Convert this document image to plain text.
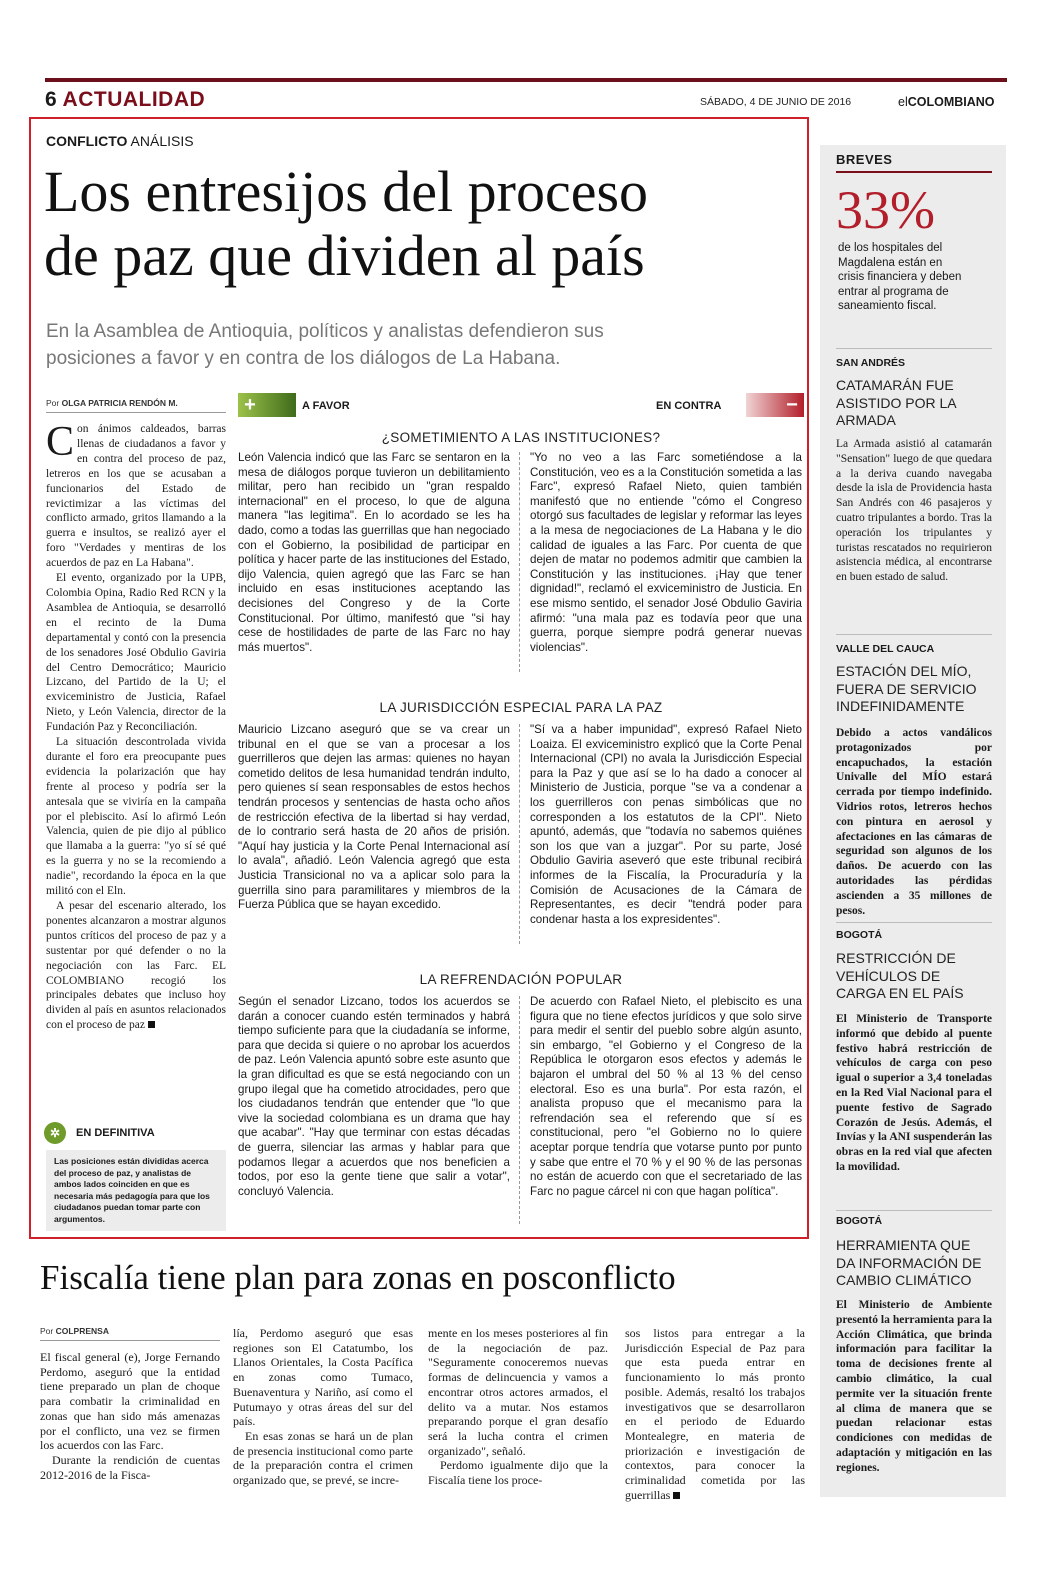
6 ACTUALIDAD	SÁBADO, 4 DE JUNIO DE 2016	elCOLOMBIANO
CONFLICTO ANÁLISIS
Los entresijos del proceso
de paz que dividen al país
En la Asamblea de Antioquia, políticos y analistas defendieron sus
posiciones a favor y en contra de los diálogos de La Habana.
Por OLGA PATRICIA RENDÓN M.

Con ánimos caldeados, barras llenas de ciudadanos a favor y en contra del proceso de paz, letreros en los que se acusaban a funcionarios del Estado de revictimizar a las víctimas del conflicto armado, gritos llamando a la guerra e insultos, se realizó ayer el foro "Verdades y mentiras de los acuerdos de paz en La Habana".

El evento, organizado por la UPB, Colombia Opina, Radio Red RCN y la Asamblea de Antioquia, se desarrolló en el recinto de la Duma departamental y contó con la presencia de los senadores José Obdulio Gaviria del Centro Democrático; Mauricio Lizcano, del Partido de la U; el exviceministro de Justicia, Rafael Nieto, y León Valencia, director de la Fundación Paz y Reconciliación.

La situación descontrolada vivida durante el foro era preocupante pues evidencia la polarización que hay frente al proceso y podría ser la antesala que se viviría en la campaña por el plebiscito. Así lo afirmó León Valencia, quien de pie dijo al público que llamaba a la guerra: "yo sí sé qué es la guerra y no se la recomiendo a nadie", recordando la época en la que militó con el Eln.

A pesar del escenario alterado, los ponentes alcanzaron a mostrar algunos puntos críticos del proceso de paz y a sustentar por qué defender o no la negociación con las Farc. EL COLOMBIANO recogió los principales debates que incluso hoy dividen al país en asuntos relacionados con el proceso de paz

✲	EN DEFINITIVA
Las posiciones están divididas acerca del proceso de paz, y analistas de ambos lados coinciden en que es necesaria más pedagogía para que los ciudadanos puedan tomar parte con argumentos.
+	A FAVOR	EN CONTRA	−
¿SOMETIMIENTO A LAS INSTITUCIONES?

León Valencia indicó que las Farc se sentaron en la mesa de diálogos porque tuvieron un debilitamiento militar, pero han recibido un "gran respaldo internacional" en el proceso, lo que de alguna manera "las legitima". En lo acordado se les ha dado, como a todas las guerrillas que han negociado con el Gobierno, la posibilidad de participar en política y hacer parte de las instituciones del Estado, dijo Valencia, quien agregó que las Farc se han incluido en esas instituciones aceptando las decisiones del Congreso y de la Corte Constitucional. Por último, manifestó que "si hay cese de hostilidades de parte de las Farc no hay más muertos".

"Yo no veo a las Farc sometiéndose a la Constitución, veo es a la Constitución sometida a las Farc", expresó Rafael Nieto, quien también manifestó que no entiende "cómo el Congreso otorgó sus facultades de legislar y reformar las leyes a la mesa de negociaciones de La Habana y le dio calidad de iguales a las Farc. Por cuenta de que dejen de matar no podemos admitir que cambien la Constitución y las instituciones. ¡Hay que tener dignidad!", reclamó el exviceministro de Justicia. En ese mismo sentido, el senador José Obdulio Gaviria afirmó: "una mala paz es todavía peor que una guerra, porque siempre podrá generar nuevas violencias".

LA JURISDICCIÓN ESPECIAL PARA LA PAZ

Mauricio Lizcano aseguró que se va crear un tribunal en el que se van a procesar a los guerrilleros que dejen las armas: quienes no hayan cometido delitos de lesa humanidad tendrán indulto, pero quienes sí sean responsables de estos hechos tendrán procesos y sentencias de hasta ocho años de restricción efectiva de la libertad si hay verdad, de lo contrario será hasta de 20 años de prisión. "Aquí hay justicia y la Corte Penal Internacional así lo avala", añadió. León Valencia agregó que esta Justicia Transicional no va a aplicar solo para la guerrilla sino para paramilitares y miembros de la Fuerza Pública que se hayan excedido.

"Sí va a haber impunidad", expresó Rafael Nieto Loaiza. El exviceministro explicó que la Corte Penal Internacional (CPI) no avala la Jurisdicción Especial para la Paz y que así se lo ha dado a conocer al Ministerio de Justicia, porque "se va a condenar a los guerrilleros con penas simbólicas que no corresponden a los estatutos de la CPI". Nieto apuntó, además, que "todavía no sabemos quiénes son los que van a juzgar". Por su parte, José Obdulio Gaviria aseveró que este tribunal recibirá informes de la Fiscalía, la Procuraduría y la Comisión de Acusaciones de la Cámara de Representantes, es decir "tendrá poder para condenar hasta a los expresidentes".

LA REFRENDACIÓN POPULAR

Según el senador Lizcano, todos los acuerdos se darán a conocer cuando estén terminados y habrá tiempo suficiente para que la ciudadanía se informe, para que decida si quiere o no aprobar los acuerdos de paz. León Valencia apuntó sobre este asunto que la gran dificultad es que se está negociando con un grupo ilegal que ha cometido atrocidades, pero que los ciudadanos tendrán que entender que "lo que vive la sociedad colombiana es un drama que hay que acabar". "Hay que terminar con estas décadas de guerra, silenciar las armas y hablar para que podamos llegar a acuerdos que nos beneficien a todos, por eso la gente tiene que salir a votar", concluyó Valencia.

De acuerdo con Rafael Nieto, el plebiscito es una figura que no tiene efectos jurídicos y que solo sirve para medir el sentir del pueblo sobre algún asunto, sin embargo, "el Gobierno y el Congreso de la República le otorgaron esos efectos y además le bajaron el umbral del 50 % al 13 % del censo electoral. Eso es una burla". Por esta razón, el analista propuso que el mecanismo para la refrendación sea el referendo que sí es constitucional, pero "el Gobierno no lo quiere aceptar porque tendría que votarse punto por punto y sabe que entre el 70 % y el 90 % de las personas no están de acuerdo con que el secretariado de las Farc no pague cárcel ni con que hagan política".

BREVES
33%
de los hospitales del Magdalena están en crisis financiera y deben entrar al programa de saneamiento fiscal.
SAN ANDRÉS
CATAMARÁN FUE ASISTIDO POR LA ARMADA
La Armada asistió al catamarán "Sensation" luego de que quedara a la deriva cuando navegaba desde la isla de Providencia hasta San Andrés con 46 pasajeros y cuatro tripulantes a bordo. Tras la operación los tripulantes y turistas rescatados no requirieron asistencia médica, al encontrarse en buen estado de salud.
VALLE DEL CAUCA
ESTACIÓN DEL MÍO, FUERA DE SERVICIO INDEFINIDAMENTE
Debido a actos vandálicos protagonizados por encapuchados, la estación Univalle del MÍO estará cerrada por tiempo indefinido. Vidrios rotos, letreros hechos con pintura en aerosol y afectaciones en las cámaras de seguridad son algunos de los daños. De acuerdo con las autoridades las pérdidas ascienden a 35 millones de pesos.
BOGOTÁ
RESTRICCIÓN DE VEHÍCULOS DE CARGA EN EL PAÍS
El Ministerio de Transporte informó que debido al puente festivo habrá restricción de vehículos de carga con peso igual o superior a 3,4 toneladas en la Red Vial Nacional para el puente festivo de Sagrado Corazón de Jesús. Además, el Invías y la ANI suspenderán las obras en la red vial que afecten la movilidad.
BOGOTÁ
HERRAMIENTA QUE DA INFORMACIÓN DE CAMBIO CLIMÁTICO
El Ministerio de Ambiente presentó la herramienta para la Acción Climática, que brinda información para facilitar la toma de decisiones frente al cambio climático, la cual permite ver la situación frente al clima de manera que se puedan relacionar estas condiciones con medidas de adaptación y mitigación en las regiones.
Fiscalía tiene plan para zonas en posconflicto
Por COLPRENSA

El fiscal general (e), Jorge Fernando Perdomo, aseguró que la entidad tiene preparado un plan de choque para combatir la criminalidad en zonas que han sido más amenazas por el conflicto, una vez se firmen los acuerdos con las Farc.

Durante la rendición de cuentas 2012-2016 de la Fisca-

lía, Perdomo aseguró que esas regiones son El Catatumbo, los Llanos Orientales, la Costa Pacífica en zonas como Tumaco, Buenaventura y Nariño, así como el Putumayo y otras áreas del sur del país.

En esas zonas se hará un de plan de presencia institucional como parte de la preparación contra el crimen organizado que, se prevé, se incre-

mente en los meses posteriores al fin de la negociación de paz. "Seguramente conoceremos nuevas formas de delincuencia y vamos a encontrar otros actores armados, el delito va a mutar. Nos estamos preparando porque el gran desafío será la lucha contra el crimen organizado", señaló.

Perdomo igualmente dijo que la Fiscalía tiene los proce-

sos listos para entregar a la Jurisdicción Especial de Paz para que esta pueda entrar en funcionamiento lo más pronto posible. Además, resaltó los trabajos investigativos que se desarrollaron en el periodo de Eduardo Montealegre, en materia de priorización e investigación de contextos, para conocer la criminalidad cometida por las guerrillas
